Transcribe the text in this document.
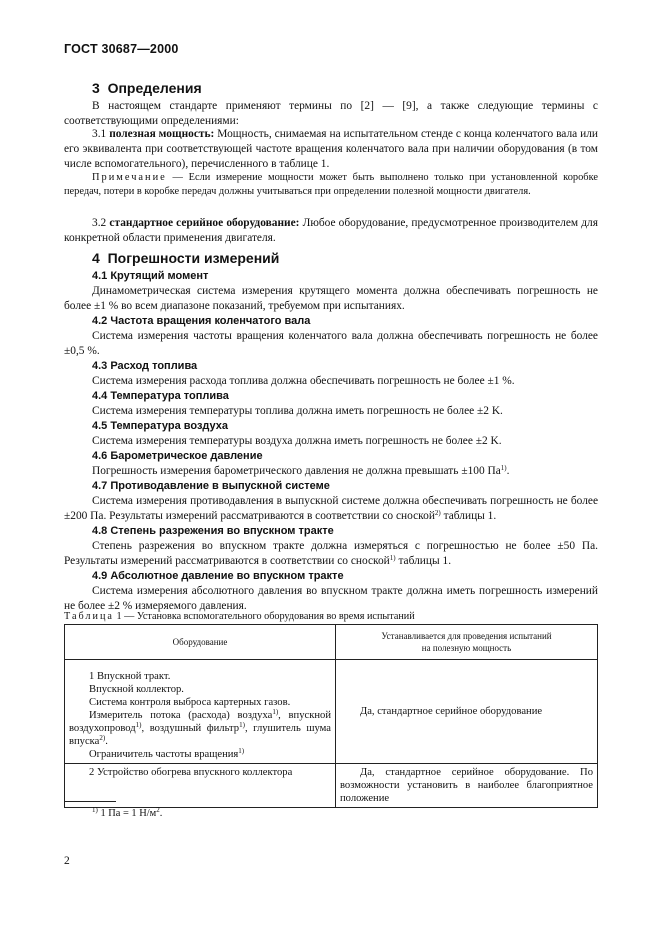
ГОСТ 30687—2000
3 Определения
В настоящем стандарте применяют термины по [2] — [9], а также следующие термины с соответствующими определениями:
3.1 полезная мощность: Мощность, снимаемая на испытательном стенде с конца коленчатого вала или его эквивалента при соответствующей частоте вращения коленчатого вала при наличии оборудования (в том числе вспомогательного), перечисленного в таблице 1.
Примечание — Если измерение мощности может быть выполнено только при установленной коробке передач, потери в коробке передач должны учитываться при определении полезной мощности двигателя.
3.2 стандартное серийное оборудование: Любое оборудование, предусмотренное производителем для конкретной области применения двигателя.
4 Погрешности измерений
4.1 Крутящий момент
Динамометрическая система измерения крутящего момента должна обеспечивать погрешность не более ±1 % во всем диапазоне показаний, требуемом при испытаниях.
4.2 Частота вращения коленчатого вала
Система измерения частоты вращения коленчатого вала должна обеспечивать погрешность не более ±0,5 %.
4.3 Расход топлива
Система измерения расхода топлива должна обеспечивать погрешность не более ±1 %.
4.4 Температура топлива
Система измерения температуры топлива должна иметь погрешность не более ±2 K.
4.5 Температура воздуха
Система измерения температуры воздуха должна иметь погрешность не более ±2 K.
4.6 Барометрическое давление
Погрешность измерения барометрического давления не должна превышать ±100 $Па^{1)}$.
4.7 Противодавление в выпускной системе
Система измерения противодавления в выпускной системе должна обеспечивать погрешность не более ±200 Па. Результаты измерений рассматриваются в соответствии со сноской$^{2)}$ таблицы 1.
4.8 Степень разрежения во впускном тракте
Степень разрежения во впускном тракте должна измеряться с погрешностью не более ±50 Па. Результаты измерений рассматриваются в соответствии со сноской$^{1)}$ таблицы 1.
4.9 Абсолютное давление во впускном тракте
Система измерения абсолютного давления во впускном тракте должна иметь погрешность измерений не более ±2 % измеряемого давления.
Таблица 1 — Установка вспомогательного оборудования во время испытаний
Оборудование	Устанавливается для проведения испытаний
на полезную мощность

1 Впускной тракт.
Впускной коллектор.
Система контроля выброса картерных газов.
Измеритель потока (расхода) воздуха$^{1)}$, впускной воздухопровод$^{1)}$, воздушный фильтр$^{1)}$, глушитель шума впуска$^{2)}$.
Ограничитель частоты вращения$^{1)}$	Да, стандартное серийное оборудование
2 Устройство обогрева впускного коллектора	Да, стандартное серийное оборудование. По возможности установить в наиболее благоприятное положение
$^{1)}$ 1 Па = 1 $Н/м^2$.
2
